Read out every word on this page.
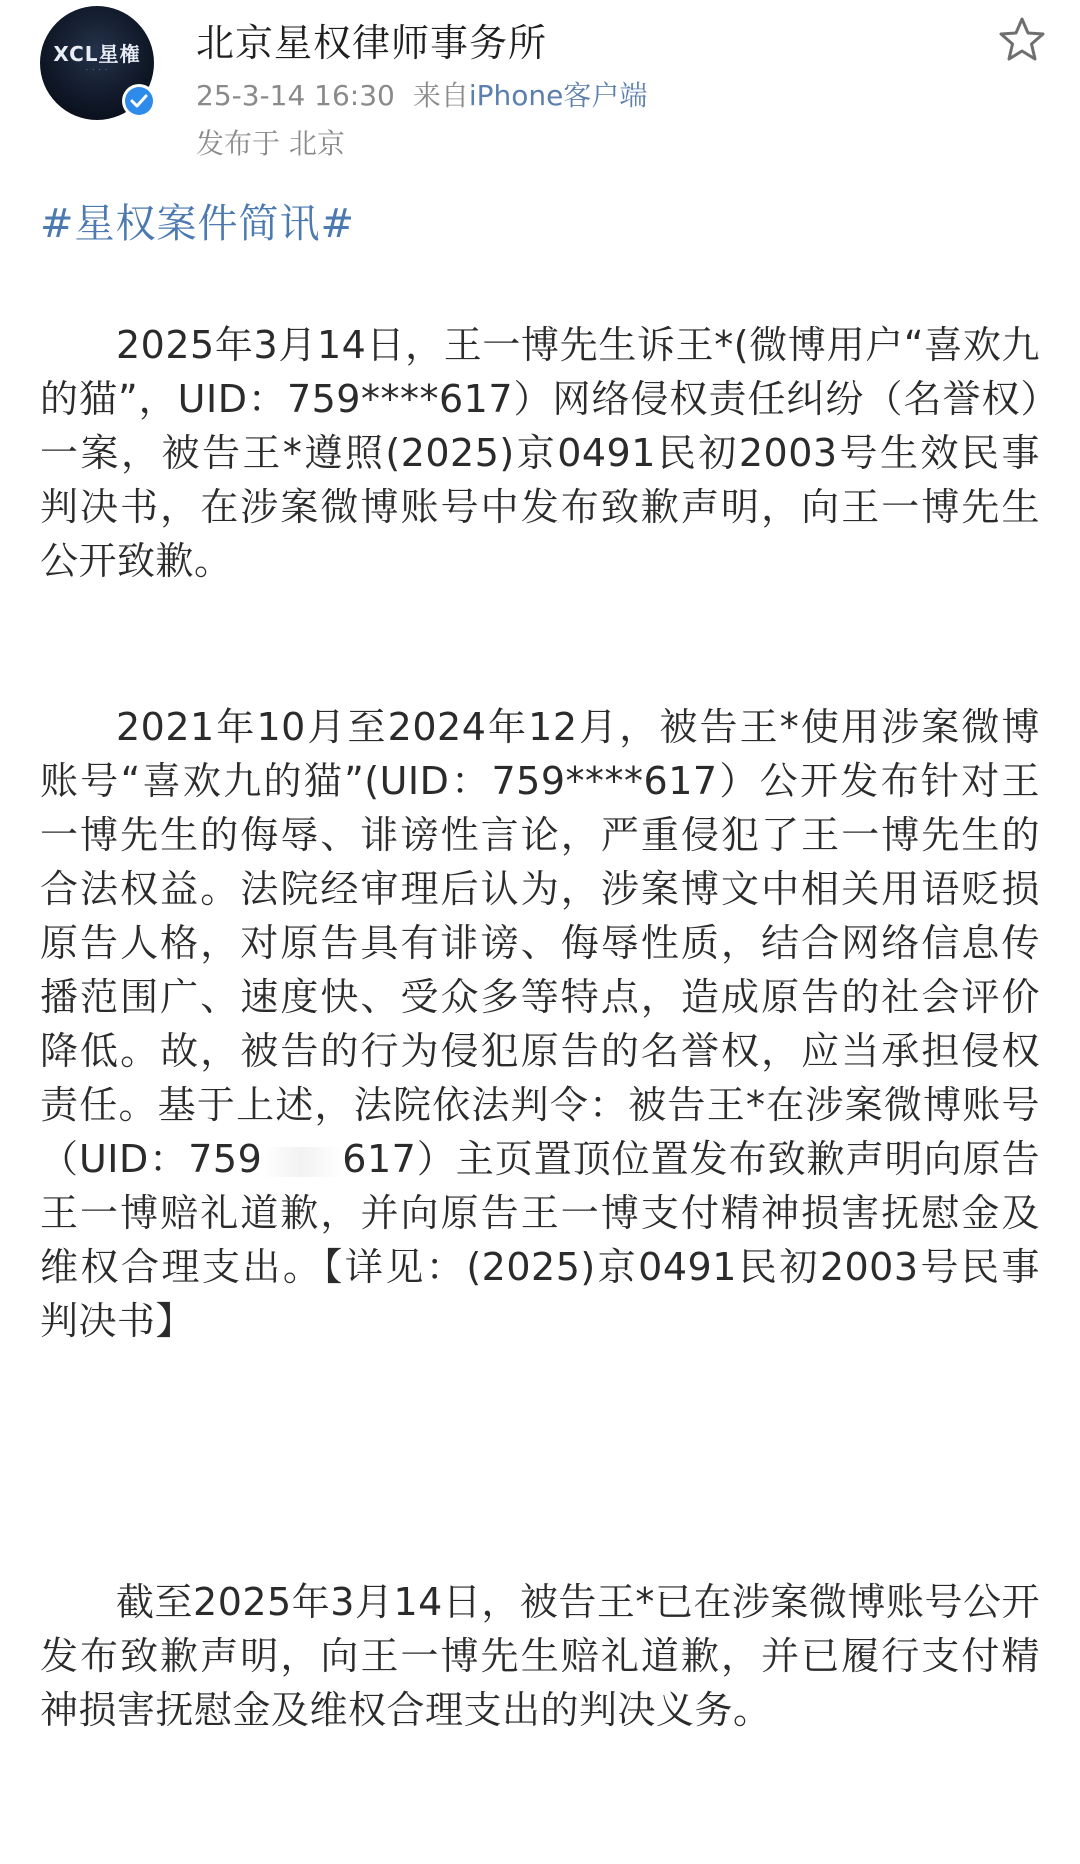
XCL星権
· · · ·
北京星权律师事务所
25-3-14 16:30 来自iPhone客户端
发布于 北京
#星权案件简讯#
2025年3月14日，王一博先生诉王*(微博用户“喜欢九的猫”，UID：759****617）网络侵权责任纠纷（名誉权）一案，被告王*遵照(2025)京0491民初2003号生效民事判决书，在涉案微博账号中发布致歉声明，向王一博先生公开致歉。
2021年10月至2024年12月，被告王*使用涉案微博账号“喜欢九的猫”(UID：759****617）公开发布针对王一博先生的侮辱、诽谤性言论，严重侵犯了王一博先生的合法权益。法院经审理后认为，涉案博文中相关用语贬损原告人格，对原告具有诽谤、侮辱性质，结合网络信息传播范围广、速度快、受众多等特点，造成原告的社会评价降低。故，被告的行为侵犯原告的名誉权，应当承担侵权责任。基于上述，法院依法判令：被告王*在涉案微博账号（UID：759 617）主页置顶位置发布致歉声明向原告王一博赔礼道歉，并向原告王一博支付精神损害抚慰金及维权合理支出。【详见：(2025)京0491民初2003号民事判决书】
截至2025年3月14日，被告王*已在涉案微博账号公开发布致歉声明，向王一博先生赔礼道歉，并已履行支付精神损害抚慰金及维权合理支出的判决义务。
